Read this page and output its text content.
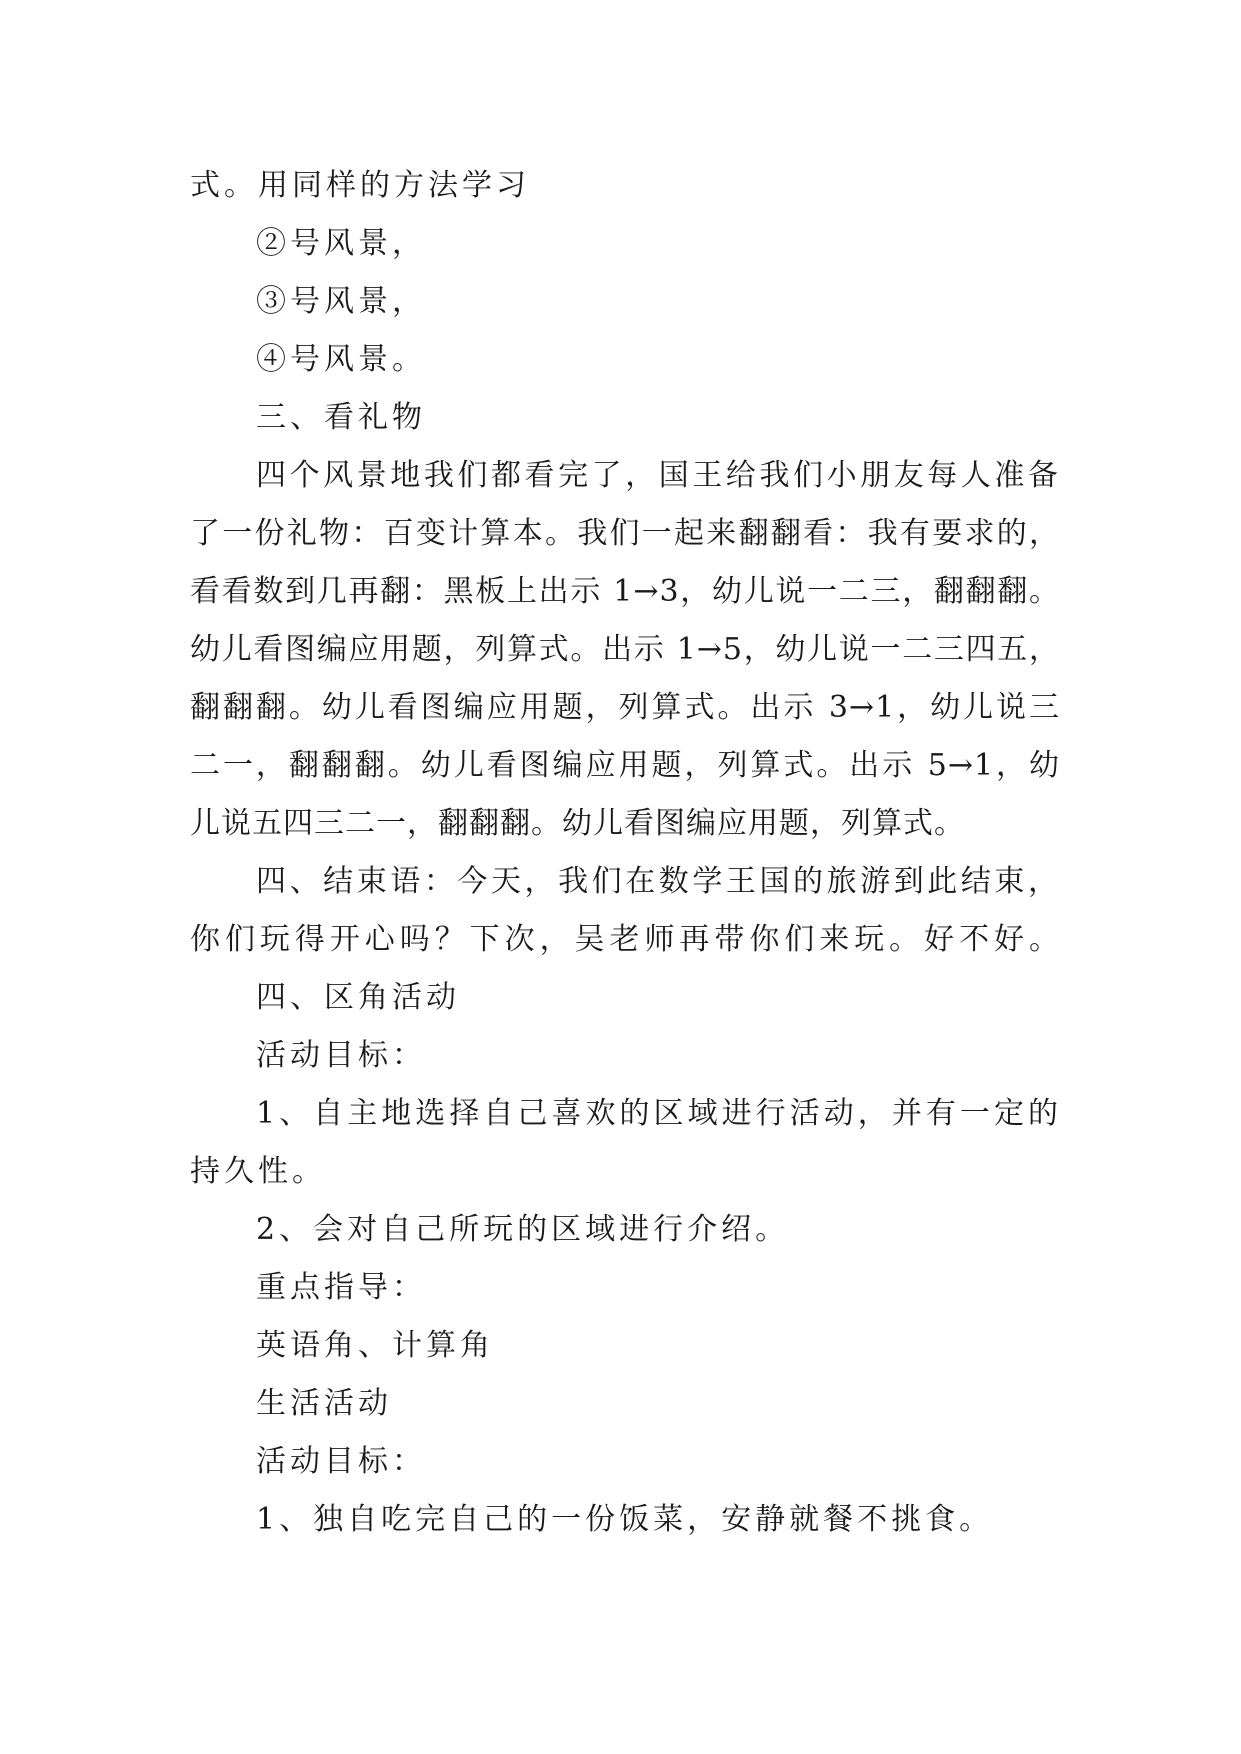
式。用同样的方法学习
②号风景，
③号风景，
④号风景。
三、看礼物
四个风景地我们都看完了，国王给我们小朋友每人准备
了一份礼物：百变计算本。我们一起来翻翻看：我有要求的，
看看数到几再翻：黑板上出示 1→3，幼儿说一二三，翻翻翻。
幼儿看图编应用题，列算式。出示 1→5，幼儿说一二三四五，
翻翻翻。幼儿看图编应用题，列算式。出示 3→1，幼儿说三
二一，翻翻翻。幼儿看图编应用题，列算式。出示 5→1，幼
儿说五四三二一，翻翻翻。幼儿看图编应用题，列算式。
四、结束语：今天，我们在数学王国的旅游到此结束，
你们玩得开心吗？下次，吴老师再带你们来玩。好不好。
四、区角活动
活动目标：
1、自主地选择自己喜欢的区域进行活动，并有一定的
持久性。
2、会对自己所玩的区域进行介绍。
重点指导：
英语角、计算角
生活活动
活动目标：
1、独自吃完自己的一份饭菜，安静就餐不挑食。
